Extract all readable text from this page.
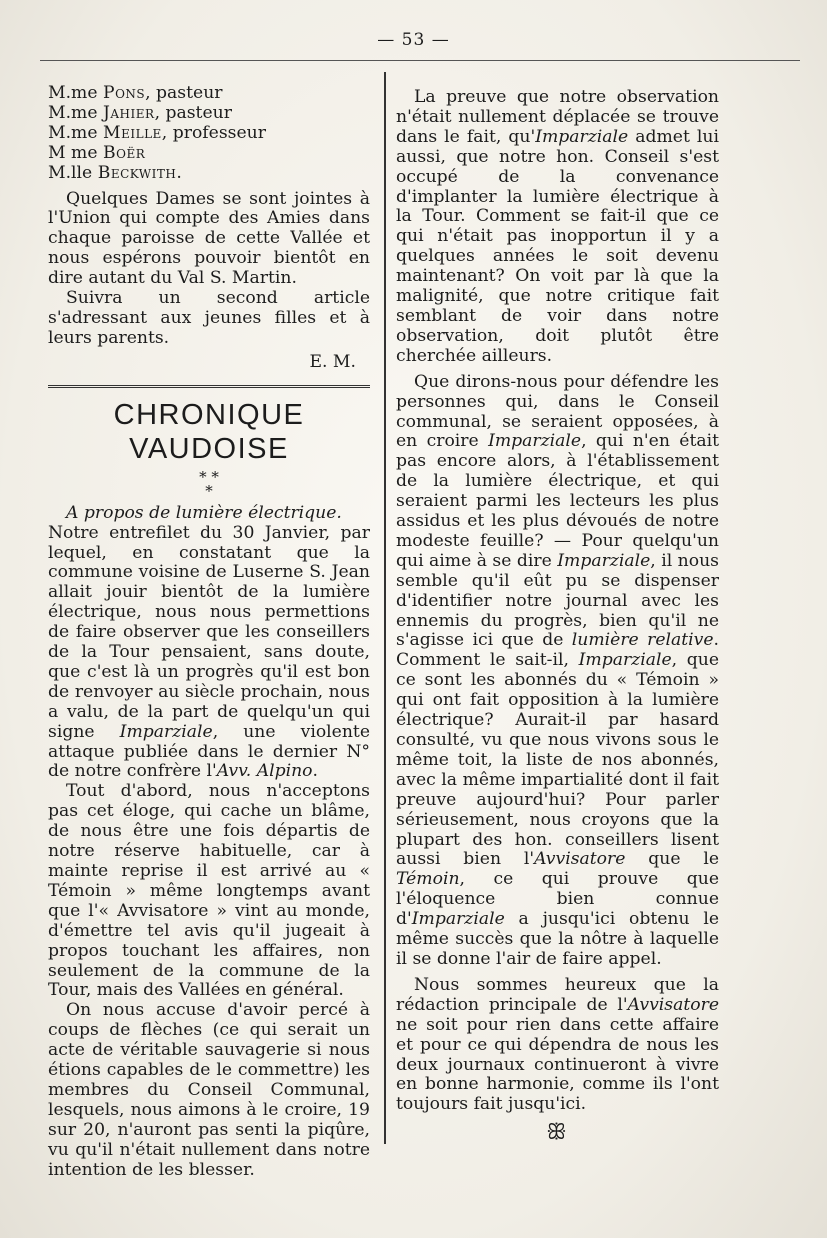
— 53 —
M.me Pons, pasteur
M.me Jahier, pasteur
M.me Meille, professeur
M me Boër
M.lle Beckwith.

Quelques Dames se sont jointes à l'Union qui compte des Amies dans chaque paroisse de cette Vallée et nous espérons pouvoir bientôt en dire autant du Val S. Martin.

Suivra un second article s'adressant aux jeunes filles et à leurs parents.

E. M.
CHRONIQUE VAUDOISE
* *
*

A propos de lumière électrique.

Notre entrefilet du 30 Janvier, par lequel, en constatant que la commune voisine de Luserne S. Jean allait jouir bientôt de la lumière électrique, nous nous permettions de faire observer que les conseillers de la Tour pensaient, sans doute, que c'est là un progrès qu'il est bon de renvoyer au siècle prochain, nous a valu, de la part de quelqu'un qui signe Imparziale, une violente attaque publiée dans le dernier N° de notre confrère l'Avv. Alpino.

Tout d'abord, nous n'acceptons pas cet éloge, qui cache un blâme, de nous être une fois départis de notre réserve habituelle, car à mainte reprise il est arrivé au « Témoin » même longtemps avant que l'« Avvisatore » vint au monde, d'émettre tel avis qu'il jugeait à propos touchant les affaires, non seulement de la commune de la Tour, mais des Vallées en général.

On nous accuse d'avoir percé à coups de flèches (ce qui serait un acte de véritable sauvagerie si nous étions capables de le commettre) les membres du Conseil Communal, lesquels, nous aimons à le croire, 19 sur 20, n'auront pas senti la piqûre, vu qu'il n'était nullement dans notre intention de les blesser.

La preuve que notre observation n'était nullement déplacée se trouve dans le fait, qu'Imparziale admet lui aussi, que notre hon. Conseil s'est occupé de la convenance d'implanter la lumière électrique à la Tour. Comment se fait-il que ce qui n'était pas inopportun il y a quelques années le soit devenu maintenant? On voit par là que la malignité, que notre critique fait semblant de voir dans notre observation, doit plutôt être cherchée ailleurs.

Que dirons-nous pour défendre les personnes qui, dans le Conseil communal, se seraient opposées, à en croire Imparziale, qui n'en était pas encore alors, à l'établissement de la lumière électrique, et qui seraient parmi les lecteurs les plus assidus et les plus dévoués de notre modeste feuille? — Pour quelqu'un qui aime à se dire Imparziale, il nous semble qu'il eût pu se dispenser d'identifier notre journal avec les ennemis du progrès, bien qu'il ne s'agisse ici que de lumière relative. Comment le sait-il, Imparziale, que ce sont les abonnés du « Témoin » qui ont fait opposition à la lumière électrique? Aurait-il par hasard consulté, vu que nous vivons sous le même toit, la liste de nos abonnés, avec la même impartialité dont il fait preuve aujourd'hui? Pour parler sérieusement, nous croyons que la plupart des hon. conseillers lisent aussi bien l'Avvisatore que le Témoin, ce qui prouve que l'éloquence bien connue d'Imparziale a jusqu'ici obtenu le même succès que la nôtre à laquelle il se donne l'air de faire appel.

Nous sommes heureux que la rédaction principale de l'Avvisatore ne soit pour rien dans cette affaire et pour ce qui dépendra de nous les deux journaux continueront à vivre en bonne harmonie, comme ils l'ont toujours fait jusqu'ici.

ꕥ
